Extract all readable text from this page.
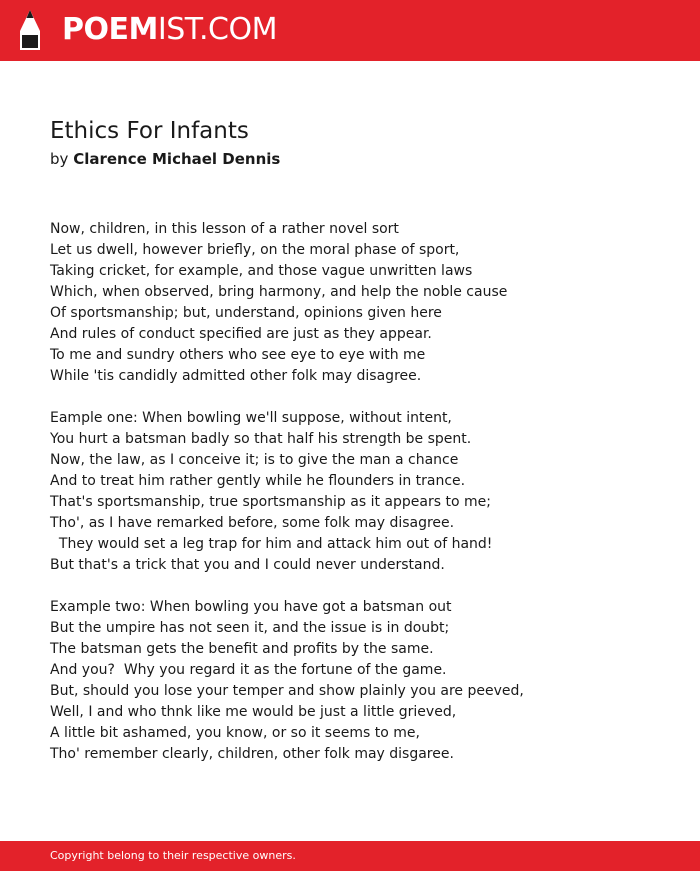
POEMIST.COM
Ethics For Infants
by Clarence Michael Dennis
Now, children, in this lesson of a rather novel sort
Let us dwell, however briefly, on the moral phase of sport,
Taking cricket, for example, and those vague unwritten laws
Which, when observed, bring harmony, and help the noble cause
Of sportsmanship; but, understand, opinions given here
And rules of conduct specified are just as they appear.
To me and sundry others who see eye to eye with me
While 'tis candidly admitted other folk may disagree.
Eample one: When bowling we'll suppose, without intent,
You hurt a batsman badly so that half his strength be spent.
Now, the law, as I conceive it; is to give the man a chance
And to treat him rather gently while he flounders in trance.
That's sportsmanship, true sportsmanship as it appears to me;
Tho', as I have remarked before, some folk may disagree.
They would set a leg trap for him and attack him out of hand!
But that's a trick that you and I could never understand.
Example two: When bowling you have got a batsman out
But the umpire has not seen it, and the issue is in doubt;
The batsman gets the benefit and profits by the same.
And you?  Why you regard it as the fortune of the game.
But, should you lose your temper and show plainly you are peeved,
Well, I and who thnk like me would be just a little grieved,
A little bit ashamed, you know, or so it seems to me,
Tho' remember clearly, children, other folk may disgaree.
Copyright belong to their respective owners.
